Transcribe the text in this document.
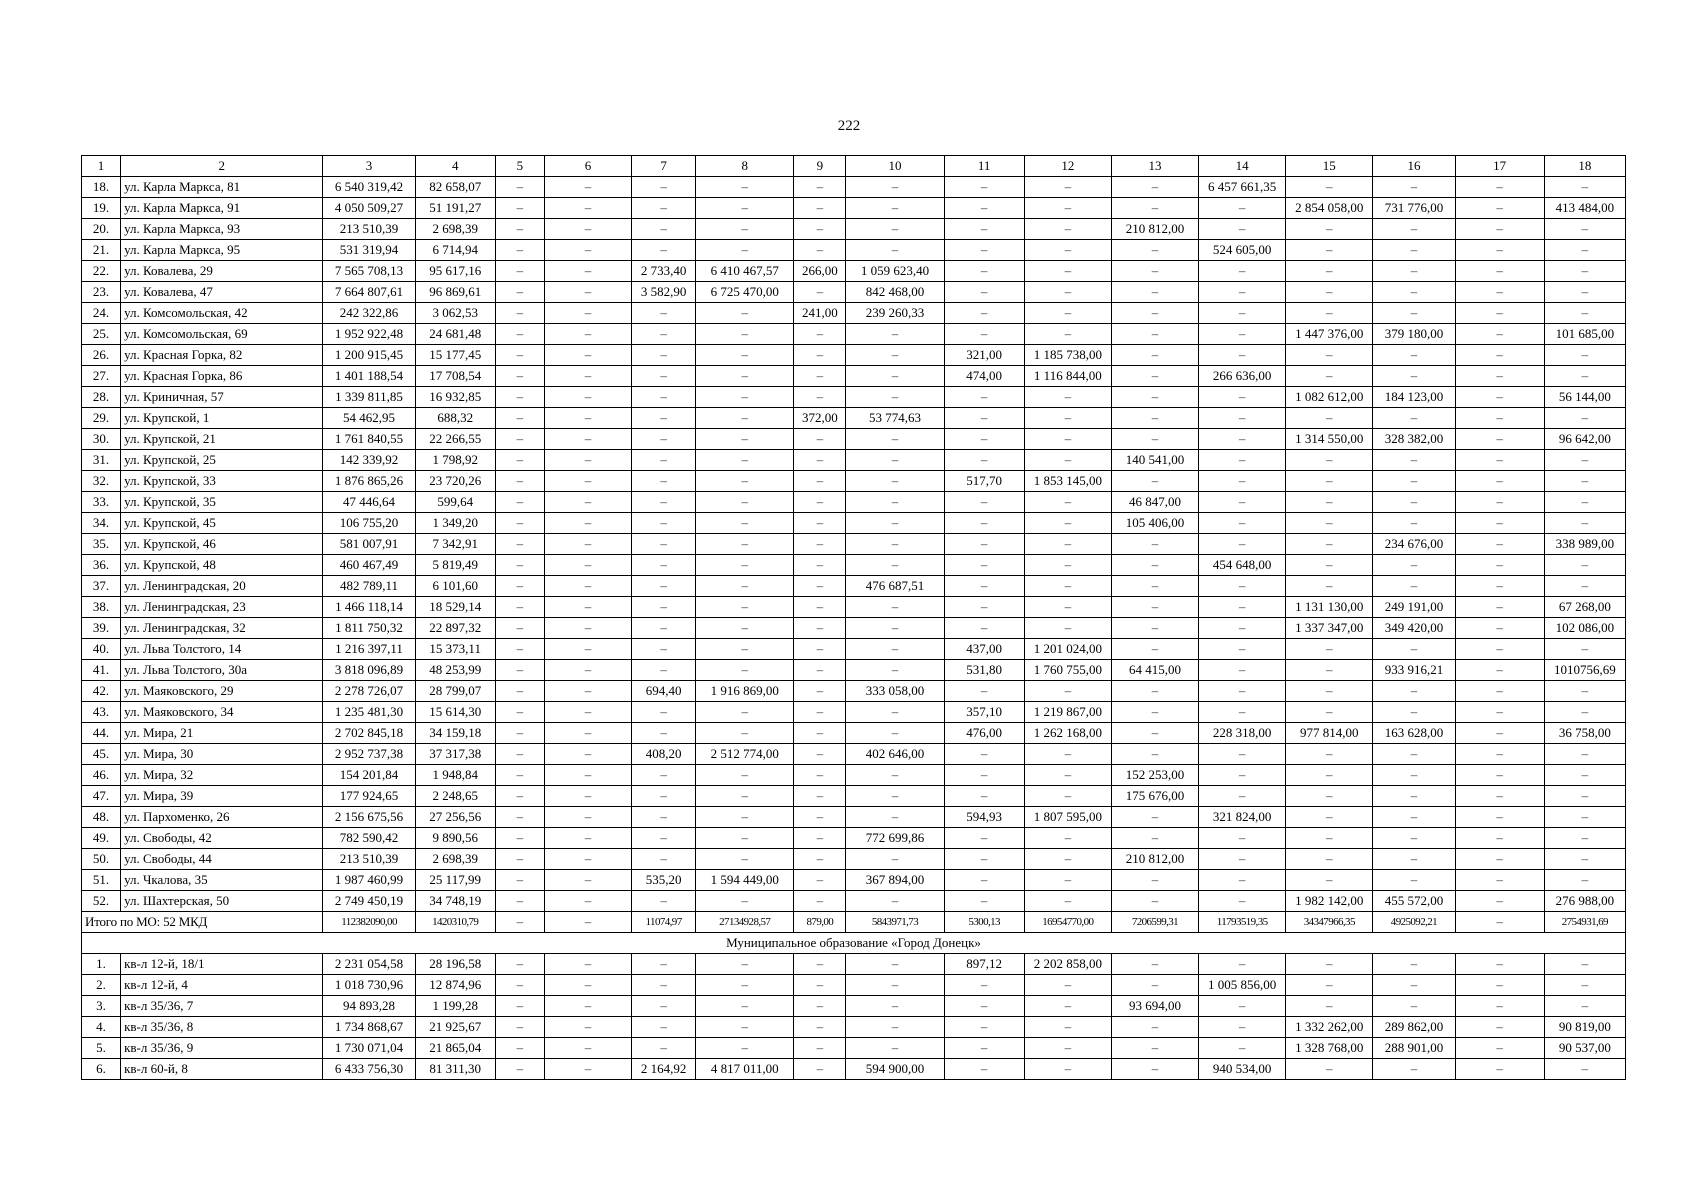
222
1	2	3	4	5	6	7	8	9	10	11	12	13	14	15	16	17	18
18.	ул. Карла Маркса, 81	6 540 319,42	82 658,07	–	–	–	–	–	–	–	–	–	6 457 661,35	–	–	–	–
19.	ул. Карла Маркса, 91	4 050 509,27	51 191,27	–	–	–	–	–	–	–	–	–	–	2 854 058,00	731 776,00	–	413 484,00
20.	ул. Карла Маркса, 93	213 510,39	2 698,39	–	–	–	–	–	–	–	–	210 812,00	–	–	–	–	–
21.	ул. Карла Маркса, 95	531 319,94	6 714,94	–	–	–	–	–	–	–	–	–	524 605,00	–	–	–	–
22.	ул. Ковалева, 29	7 565 708,13	95 617,16	–	–	2 733,40	6 410 467,57	266,00	1 059 623,40	–	–	–	–	–	–	–	–
23.	ул. Ковалева, 47	7 664 807,61	96 869,61	–	–	3 582,90	6 725 470,00	–	842 468,00	–	–	–	–	–	–	–	–
24.	ул. Комсомольская, 42	242 322,86	3 062,53	–	–	–	–	241,00	239 260,33	–	–	–	–	–	–	–	–
25.	ул. Комсомольская, 69	1 952 922,48	24 681,48	–	–	–	–	–	–	–	–	–	–	1 447 376,00	379 180,00	–	101 685,00
26.	ул. Красная Горка, 82	1 200 915,45	15 177,45	–	–	–	–	–	–	321,00	1 185 738,00	–	–	–	–	–	–
27.	ул. Красная Горка, 86	1 401 188,54	17 708,54	–	–	–	–	–	–	474,00	1 116 844,00	–	266 636,00	–	–	–	–
28.	ул. Криничная, 57	1 339 811,85	16 932,85	–	–	–	–	–	–	–	–	–	–	1 082 612,00	184 123,00	–	56 144,00
29.	ул. Крупской, 1	54 462,95	688,32	–	–	–	–	372,00	53 774,63	–	–	–	–	–	–	–	–
30.	ул. Крупской, 21	1 761 840,55	22 266,55	–	–	–	–	–	–	–	–	–	–	1 314 550,00	328 382,00	–	96 642,00
31.	ул. Крупской, 25	142 339,92	1 798,92	–	–	–	–	–	–	–	–	140 541,00	–	–	–	–	–
32.	ул. Крупской, 33	1 876 865,26	23 720,26	–	–	–	–	–	–	517,70	1 853 145,00	–	–	–	–	–	–
33.	ул. Крупской, 35	47 446,64	599,64	–	–	–	–	–	–	–	–	46 847,00	–	–	–	–	–
34.	ул. Крупской, 45	106 755,20	1 349,20	–	–	–	–	–	–	–	–	105 406,00	–	–	–	–	–
35.	ул. Крупской, 46	581 007,91	7 342,91	–	–	–	–	–	–	–	–	–	–	–	234 676,00	–	338 989,00
36.	ул. Крупской, 48	460 467,49	5 819,49	–	–	–	–	–	–	–	–	–	454 648,00	–	–	–	–
37.	ул. Ленинградская, 20	482 789,11	6 101,60	–	–	–	–	–	476 687,51	–	–	–	–	–	–	–	–
38.	ул. Ленинградская, 23	1 466 118,14	18 529,14	–	–	–	–	–	–	–	–	–	–	1 131 130,00	249 191,00	–	67 268,00
39.	ул. Ленинградская, 32	1 811 750,32	22 897,32	–	–	–	–	–	–	–	–	–	–	1 337 347,00	349 420,00	–	102 086,00
40.	ул. Льва Толстого, 14	1 216 397,11	15 373,11	–	–	–	–	–	–	437,00	1 201 024,00	–	–	–	–	–	–
41.	ул. Льва Толстого, 30а	3 818 096,89	48 253,99	–	–	–	–	–	–	531,80	1 760 755,00	64 415,00	–	–	933 916,21	–	1010756,69
42.	ул. Маяковского, 29	2 278 726,07	28 799,07	–	–	694,40	1 916 869,00	–	333 058,00	–	–	–	–	–	–	–	–
43.	ул. Маяковского, 34	1 235 481,30	15 614,30	–	–	–	–	–	–	357,10	1 219 867,00	–	–	–	–	–	–
44.	ул. Мира, 21	2 702 845,18	34 159,18	–	–	–	–	–	–	476,00	1 262 168,00	–	228 318,00	977 814,00	163 628,00	–	36 758,00
45.	ул. Мира, 30	2 952 737,38	37 317,38	–	–	408,20	2 512 774,00	–	402 646,00	–	–	–	–	–	–	–	–
46.	ул. Мира, 32	154 201,84	1 948,84	–	–	–	–	–	–	–	–	152 253,00	–	–	–	–	–
47.	ул. Мира, 39	177 924,65	2 248,65	–	–	–	–	–	–	–	–	175 676,00	–	–	–	–	–
48.	ул. Пархоменко, 26	2 156 675,56	27 256,56	–	–	–	–	–	–	594,93	1 807 595,00	–	321 824,00	–	–	–	–
49.	ул. Свободы, 42	782 590,42	9 890,56	–	–	–	–	–	772 699,86	–	–	–	–	–	–	–	–
50.	ул. Свободы, 44	213 510,39	2 698,39	–	–	–	–	–	–	–	–	210 812,00	–	–	–	–	–
51.	ул. Чкалова, 35	1 987 460,99	25 117,99	–	–	535,20	1 594 449,00	–	367 894,00	–	–	–	–	–	–	–	–
52.	ул. Шахтерская, 50	2 749 450,19	34 748,19	–	–	–	–	–	–	–	–	–	–	1 982 142,00	455 572,00	–	276 988,00
Итого по МО: 52 МКД		112382090,00	1420310,79	–	–	11074,97	27134928,57	879,00	5843971,73	5300,13	16954770,00	7206599,31	11793519,35	34347966,35	4925092,21	–	2754931,69
Муниципальное образование «Город Донецк»																	
1.	кв-л 12-й, 18/1	2 231 054,58	28 196,58	–	–	–	–	–	–	897,12	2 202 858,00	–	–	–	–	–	–
2.	кв-л 12-й, 4	1 018 730,96	12 874,96	–	–	–	–	–	–	–	–	–	1 005 856,00	–	–	–	–
3.	кв-л 35/36, 7	94 893,28	1 199,28	–	–	–	–	–	–	–	–	93 694,00	–	–	–	–	–
4.	кв-л 35/36, 8	1 734 868,67	21 925,67	–	–	–	–	–	–	–	–	–	–	1 332 262,00	289 862,00	–	90 819,00
5.	кв-л 35/36, 9	1 730 071,04	21 865,04	–	–	–	–	–	–	–	–	–	–	1 328 768,00	288 901,00	–	90 537,00
6.	кв-л 60-й, 8	6 433 756,30	81 311,30	–	–	2 164,92	4 817 011,00	–	594 900,00	–	–	–	940 534,00	–	–	–	–
